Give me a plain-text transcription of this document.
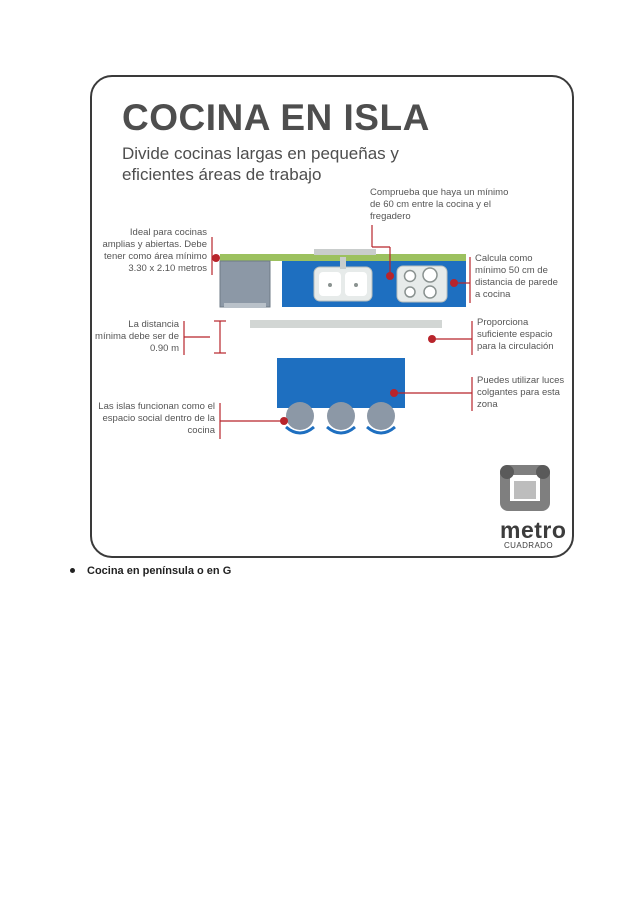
COCINA EN ISLA
Divide cocinas largas en pequeñas y eficientes áreas de trabajo
Comprueba que haya un mínimo de 60 cm entre la cocina y el fregadero
Ideal para cocinas amplias y abiertas. Debe tener como área mínimo 3.30 x 2.10 metros
Calcula como mínimo 50 cm de distancia de parede a cocina
La distancia mínima debe ser de 0.90 m
Proporciona suficiente espacio para la circulación
Puedes utilizar luces colgantes para esta zona
Las islas funcionan como el espacio social dentro de la cocina
metro
CUADRADO
Cocina en península o en G
